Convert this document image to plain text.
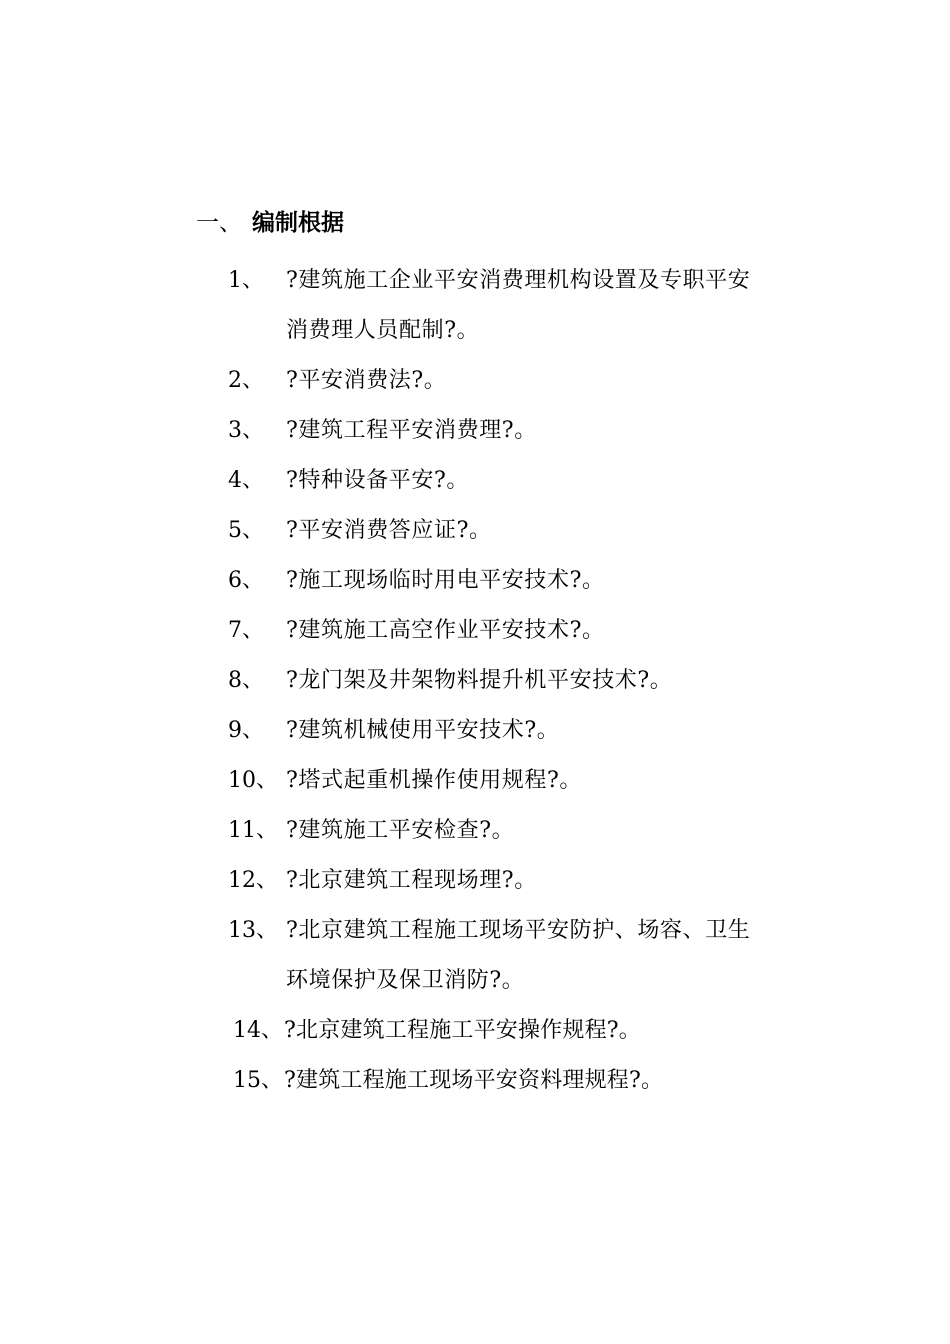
一、 编制根据
1、	?建筑施工企业平安消费理机构设置及专职平安
消费理人员配制?。
2、	?平安消费法?。
3、	?建筑工程平安消费理?。
4、	?特种设备平安?。
5、	?平安消费答应证?。
6、	?施工现场临时用电平安技术?。
7、	?建筑施工高空作业平安技术?。
8、	?龙门架及井架物料提升机平安技术?。
9、	?建筑机械使用平安技术?。
10、 ?塔式起重机操作使用规程?。
11、 ?建筑施工平安检查?。
12、 ?北京建筑工程现场理?。
13、 ?北京建筑工程施工现场平安防护、场容、卫生
环境保护及保卫消防?。
14、 ?北京建筑工程施工平安操作规程?。
15、 ?建筑工程施工现场平安资料理规程?。
